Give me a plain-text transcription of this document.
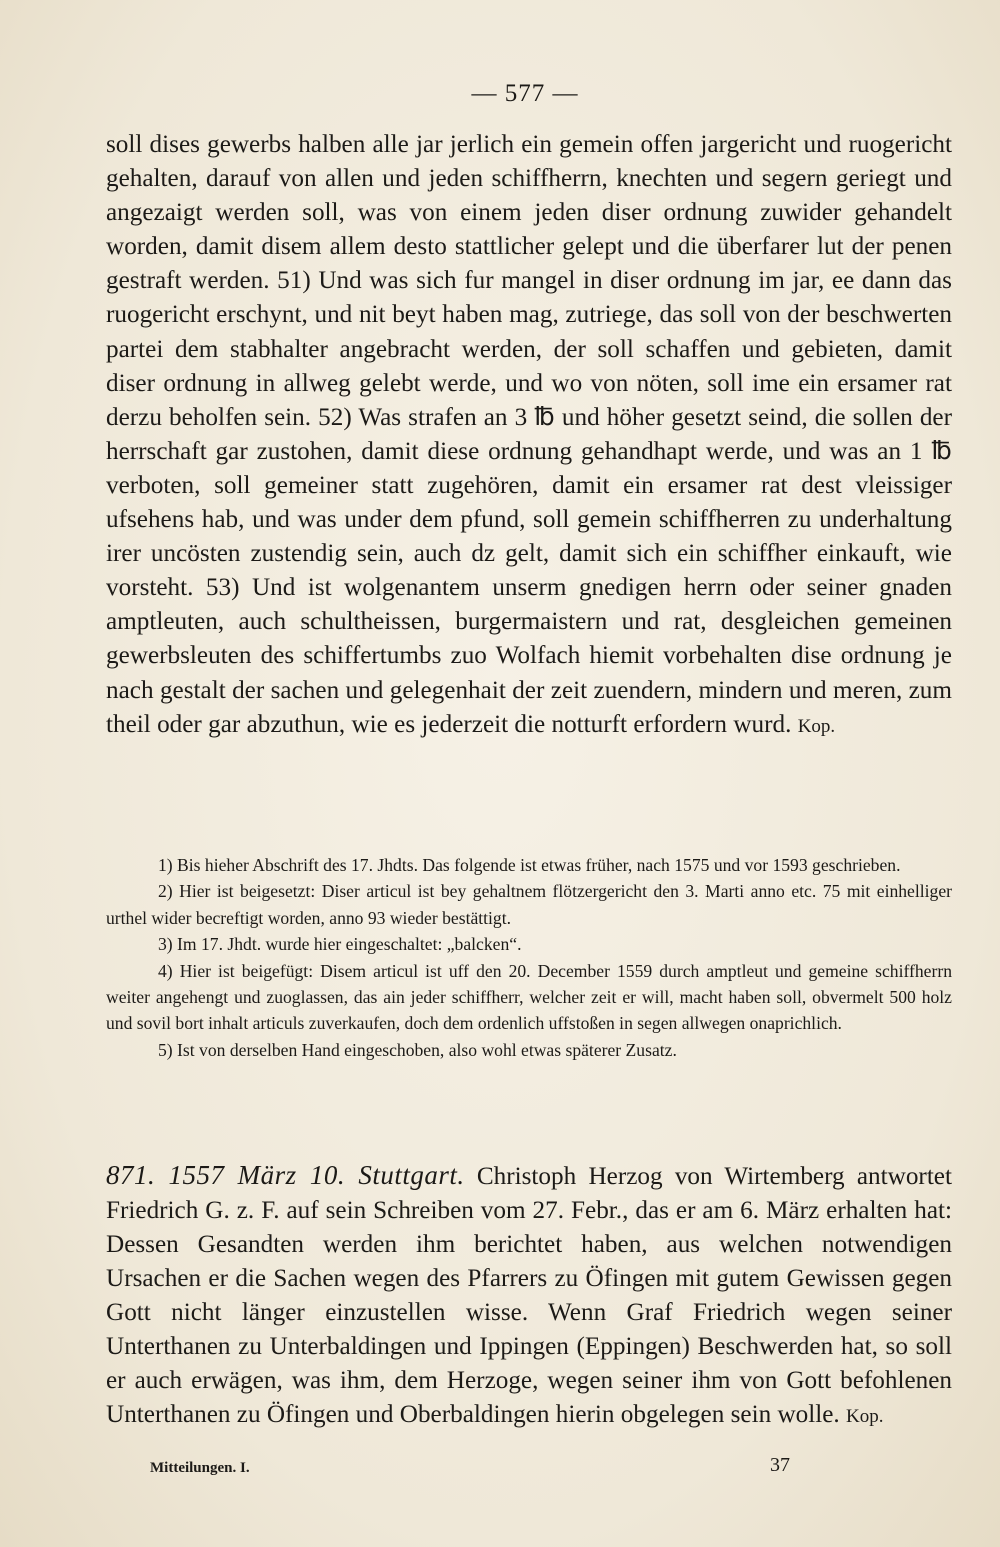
— 577 —
soll dises gewerbs halben alle jar jerlich ein gemein offen jargericht und ruogericht gehalten, darauf von allen und jeden schiffherrn, knechten und segern geriegt und angezaigt werden soll, was von einem jeden diser ordnung zuwider gehandelt worden, damit disem allem desto stattlicher gelept und die überfarer lut der penen gestraft werden. 51) Und was sich fur mangel in diser ordnung im jar, ee dann das ruogericht erschynt, und nit beyt haben mag, zutriege, das soll von der beschwerten partei dem stabhalter angebracht werden, der soll schaffen und gebieten, damit diser ordnung in allweg gelebt werde, und wo von nöten, soll ime ein ersamer rat derzu beholfen sein. 52) Was strafen an 3 ℔ und höher gesetzt seind, die sollen der herrschaft gar zustohen, damit diese ordnung gehandhapt werde, und was an 1 ℔ verboten, soll gemeiner statt zugehören, damit ein ersamer rat dest vleissiger ufsehens hab, und was under dem pfund, soll gemein schiffherren zu underhaltung irer uncösten zustendig sein, auch dz gelt, damit sich ein schiffher einkauft, wie vorsteht. 53) Und ist wolgenantem unserm gnedigen herrn oder seiner gnaden amptleuten, auch schultheissen, burgermaistern und rat, desgleichen gemeinen gewerbsleuten des schiffertumbs zuo Wolfach hiemit vorbehalten dise ordnung je nach gestalt der sachen und gelegenhait der zeit zuendern, mindern und meren, zum theil oder gar abzuthun, wie es jederzeit die notturft erfordern wurd. Kop.

1) Bis hieher Abschrift des 17. Jhdts. Das folgende ist etwas früher, nach 1575 und vor 1593 geschrieben.

2) Hier ist beigesetzt: Diser articul ist bey gehaltnem flötzergericht den 3. Marti anno etc. 75 mit einhelliger urthel wider becreftigt worden, anno 93 wieder bestättigt.

3) Im 17. Jhdt. wurde hier eingeschaltet: „balcken“.

4) Hier ist beigefügt: Disem articul ist uff den 20. December 1559 durch amptleut und gemeine schiffherrn weiter angehengt und zuoglassen, das ain jeder schiffherr, welcher zeit er will, macht haben soll, obvermelt 500 holz und sovil bort inhalt articuls zuverkaufen, doch dem ordenlich uffstoßen in segen allwegen onaprichlich.

5) Ist von derselben Hand eingeschoben, also wohl etwas späterer Zusatz.

871. 1557 März 10. Stuttgart. Christoph Herzog von Wirtemberg antwortet Friedrich G. z. F. auf sein Schreiben vom 27. Febr., das er am 6. März erhalten hat: Dessen Gesandten werden ihm berichtet haben, aus welchen notwendigen Ursachen er die Sachen wegen des Pfarrers zu Öfingen mit gutem Gewissen gegen Gott nicht länger einzustellen wisse. Wenn Graf Friedrich wegen seiner Unterthanen zu Unterbaldingen und Ippingen (Eppingen) Beschwerden hat, so soll er auch erwägen, was ihm, dem Herzoge, wegen seiner ihm von Gott befohlenen Unterthanen zu Öfingen und Oberbaldingen hierin obgelegen sein wolle. Kop.
Mitteilungen. I.	37
